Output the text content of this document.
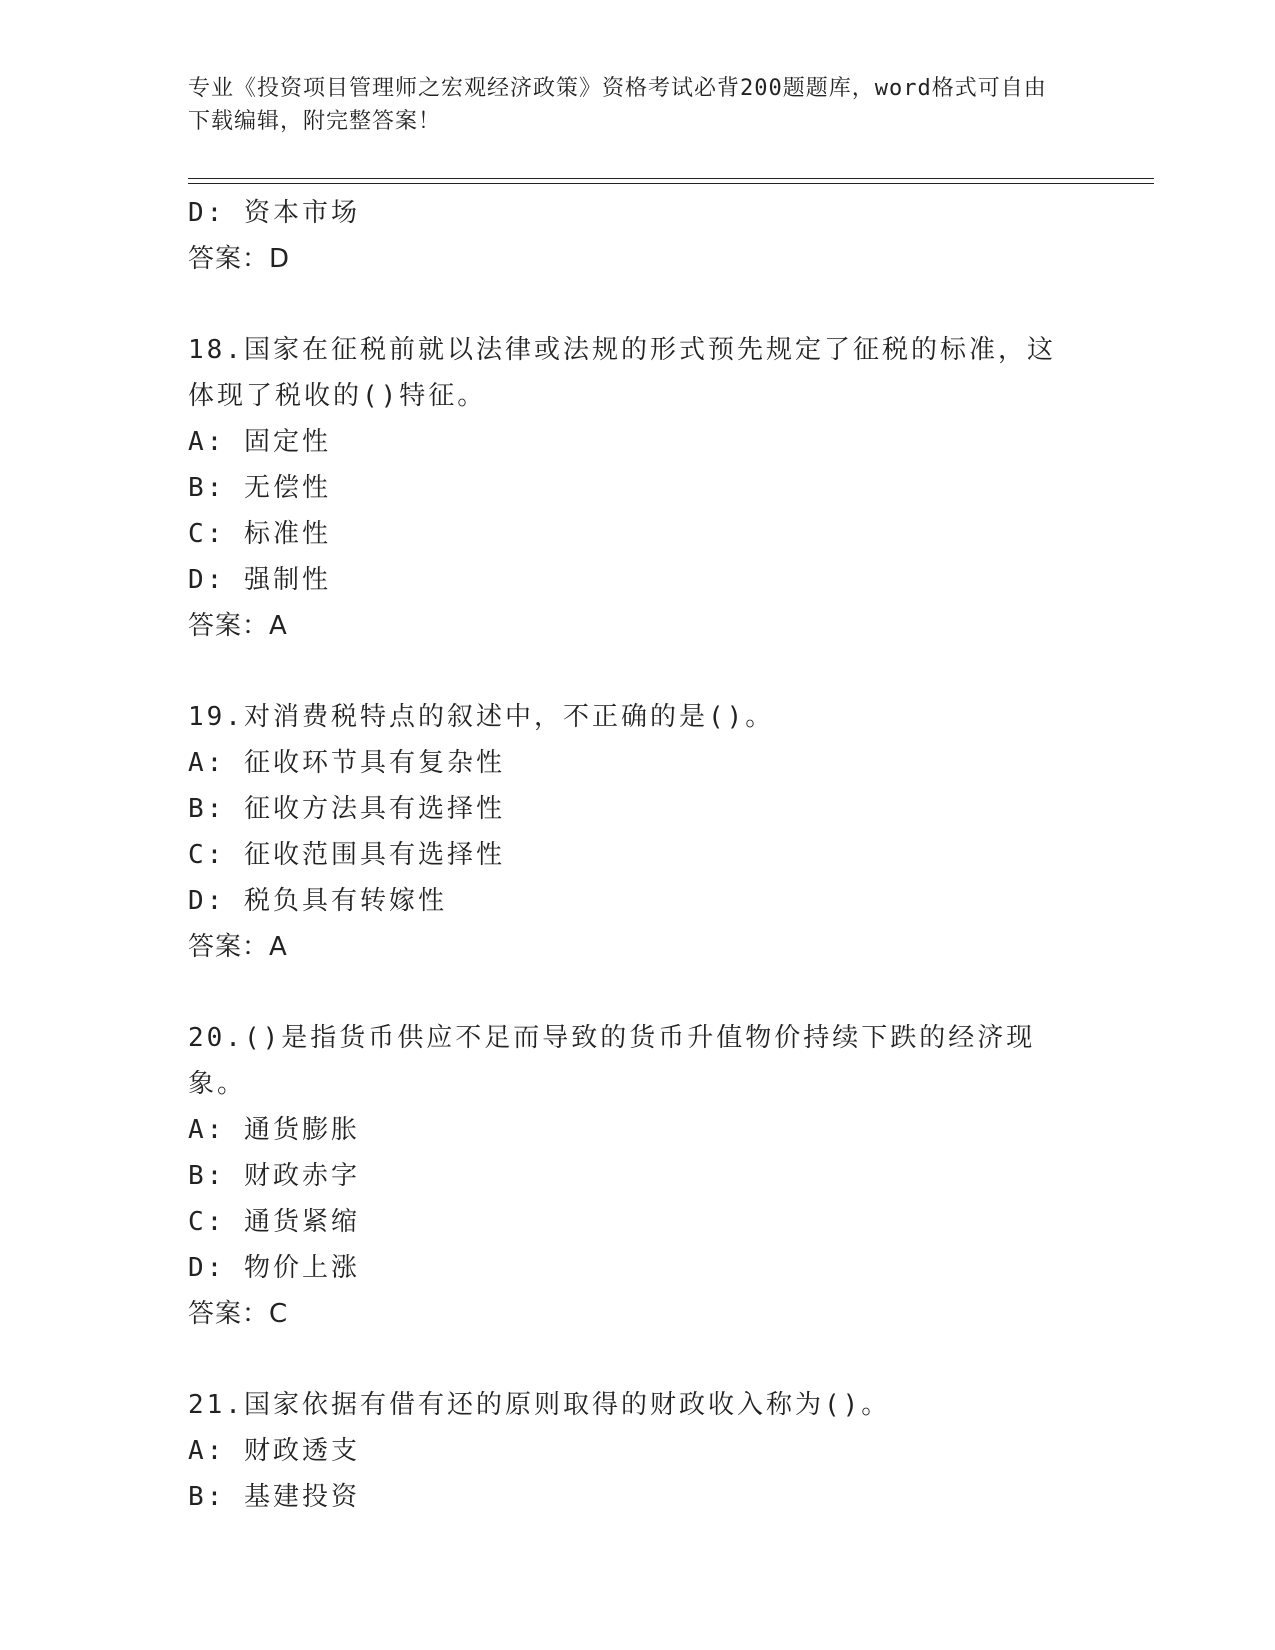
专业《投资项目管理师之宏观经济政策》资格考试必背200题题库，word格式可自由下载编辑，附完整答案！
D: 资本市场
答案：D
18.国家在征税前就以法律或法规的形式预先规定了征税的标准，这体现了税收的()特征。
A: 固定性
B: 无偿性
C: 标准性
D: 强制性
答案：A
19.对消费税特点的叙述中，不正确的是()。
A: 征收环节具有复杂性
B: 征收方法具有选择性
C: 征收范围具有选择性
D: 税负具有转嫁性
答案：A
20.()是指货币供应不足而导致的货币升值物价持续下跌的经济现象。
A: 通货膨胀
B: 财政赤字
C: 通货紧缩
D: 物价上涨
答案：C
21.国家依据有借有还的原则取得的财政收入称为()。
A: 财政透支
B: 基建投资
